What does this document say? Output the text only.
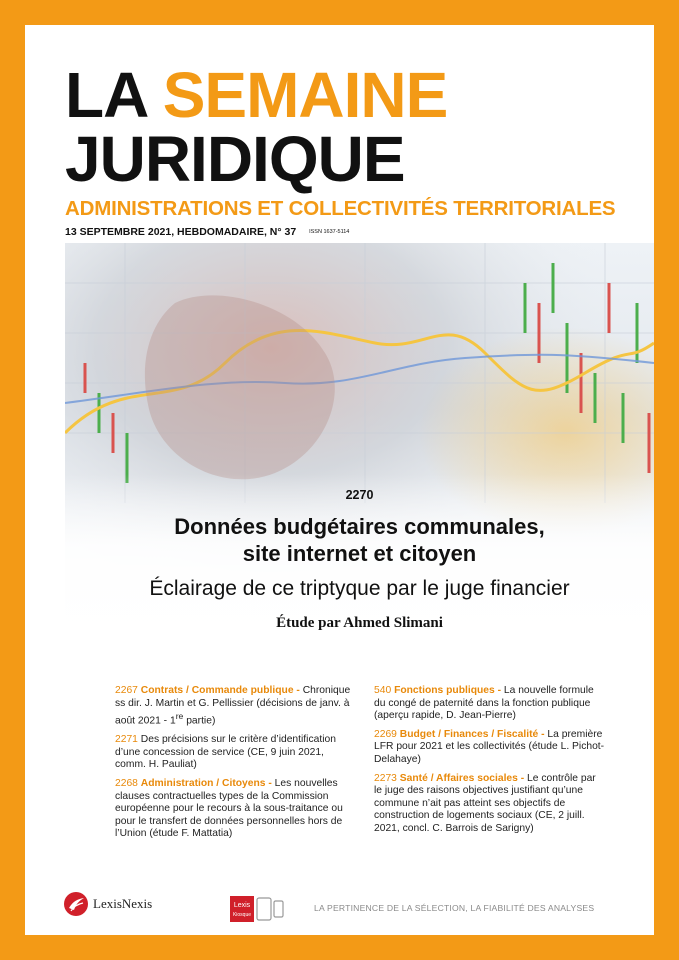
LA SEMAINE
JURIDIQUE
ADMINISTRATIONS ET COLLECTIVITÉS TERRITORIALES
13 SEPTEMBRE 2021, HEBDOMADAIRE, N° 37 ISSN 1637-5114
2270
Données budgétaires communales,
site internet et citoyen
Éclairage de ce triptyque par le juge financier
Étude par Ahmed Slimani
2267 Contrats / Commande publique - Chronique ss dir. J. Martin et G. Pellissier (décisions de janv. à août 2021 - 1re partie)
2271 Des précisions sur le critère d’identification d’une concession de service (CE, 9 juin 2021, comm. H. Pauliat)
2268 Administration / Citoyens - Les nouvelles clauses contractuelles types de la Commission européenne pour le recours à la sous-traitance ou pour le transfert de données personnelles hors de l’Union (étude F. Mattatia)
540 Fonctions publiques - La nouvelle formule du congé de paternité dans la fonction publique (aperçu rapide, D. Jean-Pierre)
2269 Budget / Finances / Fiscalité - La première LFR pour 2021 et les collectivités (étude L. Pichot-Delahaye)
2273 Santé / Affaires sociales - Le contrôle par le juge des raisons objectives justifiant qu’une commune n’ait pas atteint ses objectifs de construction de logements sociaux (CE, 2 juill. 2021, concl. C. Barrois de Sarigny)
LexisNexis	Lexis
Kiosque
LA PERTINENCE DE LA SÉLECTION, LA FIABILITÉ DES ANALYSES
